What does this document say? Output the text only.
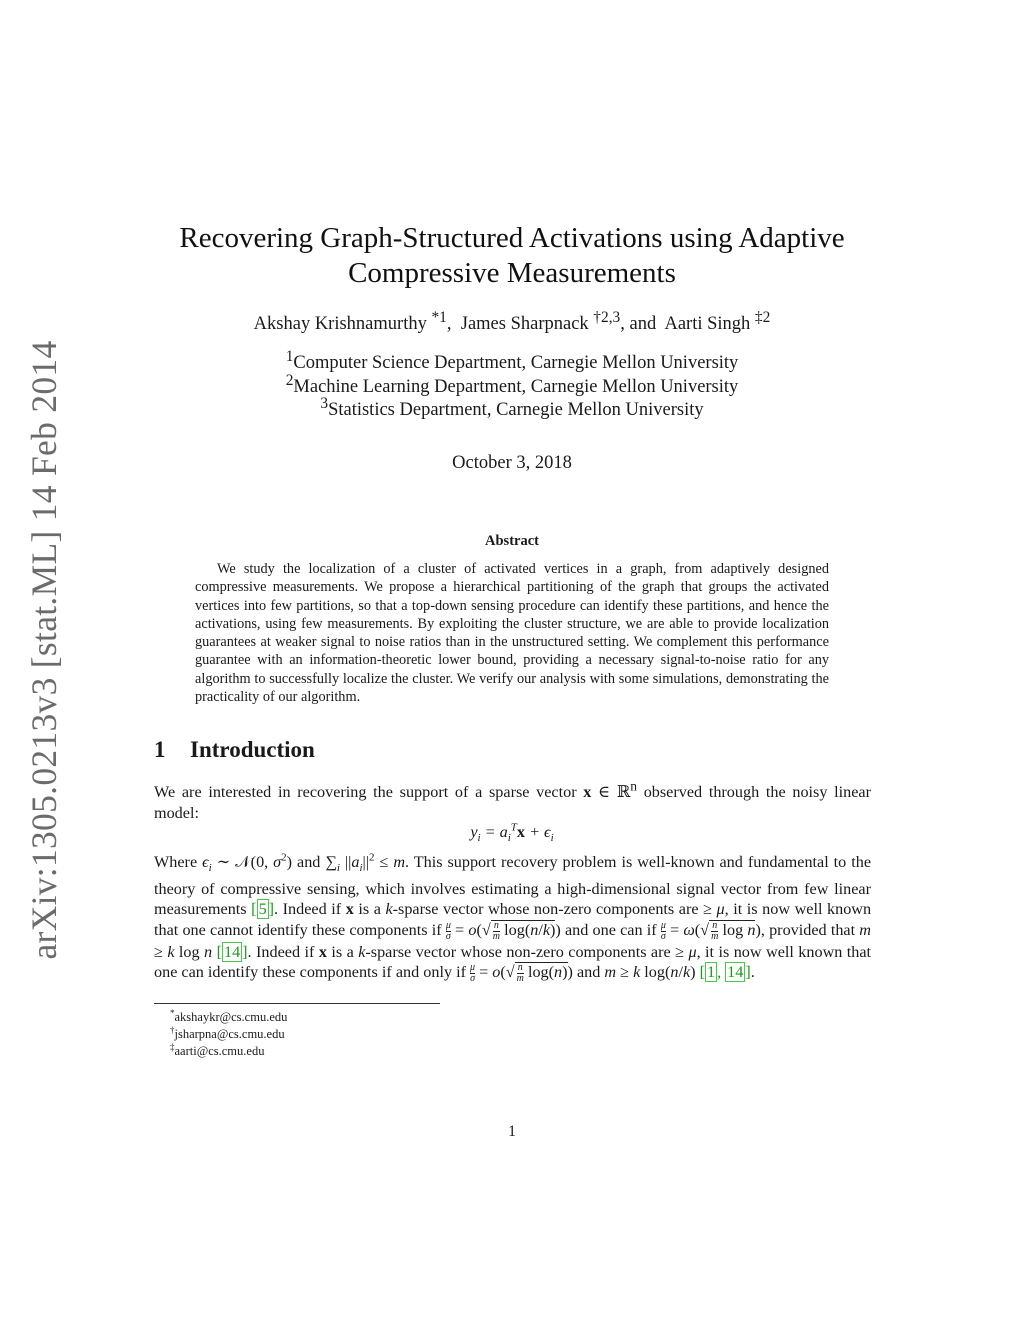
arXiv:1305.0213v3 [stat.ML] 14 Feb 2014
Recovering Graph-Structured Activations using Adaptive
Compressive Measurements
Akshay Krishnamurthy $^{*1}$,  James Sharpnack $^{\dagger 2,3}$, and Aarti Singh $^{\ddagger 2}$
$^1$Computer Science Department, Carnegie Mellon University
$^2$Machine Learning Department, Carnegie Mellon University
$^3$Statistics Department, Carnegie Mellon University
October 3, 2018
Abstract
We study the localization of a cluster of activated vertices in a graph, from adaptively designed compressive measurements. We propose a hierarchical partitioning of the graph that groups the activated vertices into few partitions, so that a top-down sensing procedure can identify these partitions, and hence the activations, using few measurements. By exploiting the cluster structure, we are able to provide localization guarantees at weaker signal to noise ratios than in the unstructured setting. We complement this performance guarantee with an information-theoretic lower bound, providing a necessary signal-to-noise ratio for any algorithm to successfully localize the cluster. We verify our analysis with some simulations, demonstrating the practicality of our algorithm.
1 Introduction
We are interested in recovering the support of a sparse vector x ∈ ℝ$^n$ observed through the noisy linear model:
$y_i = a_i^Tx + \epsilon_i$
Where $\epsilon_i$ ∼ 𝒩(0, $\sigma^2$) and $\sum_i$ $||a_i||^2 \le m$. This support recovery problem is well-known and fundamental to the theory of compressive sensing, which involves estimating a high-dimensional signal vector from few linear measurements [ 5 ]. Indeed if x is a k-sparse vector whose non-zero components are ≥ μ, it is now well known that one cannot identify these components if $\frac{\mu}{\sigma} = o(√ \frac{n}{m} \log(n/k))$ and one can if $\frac{\mu}{\sigma} = \omega(√ \frac{n}{m}$ log n), provided that m ≥ k log n [ 14 ]. Indeed if x is a k-sparse vector whose non-zero components are ≥ μ, it is now well known that one can identify these components if and only if $\frac{\mu}{\sigma} = o(√ \frac{n}{m} \log(n))$ and m ≥ k log(n/k) [ 1 , 14 ].
*akshaykr@cs.cmu.edu
†jsharpna@cs.cmu.edu
‡aarti@cs.cmu.edu
1
